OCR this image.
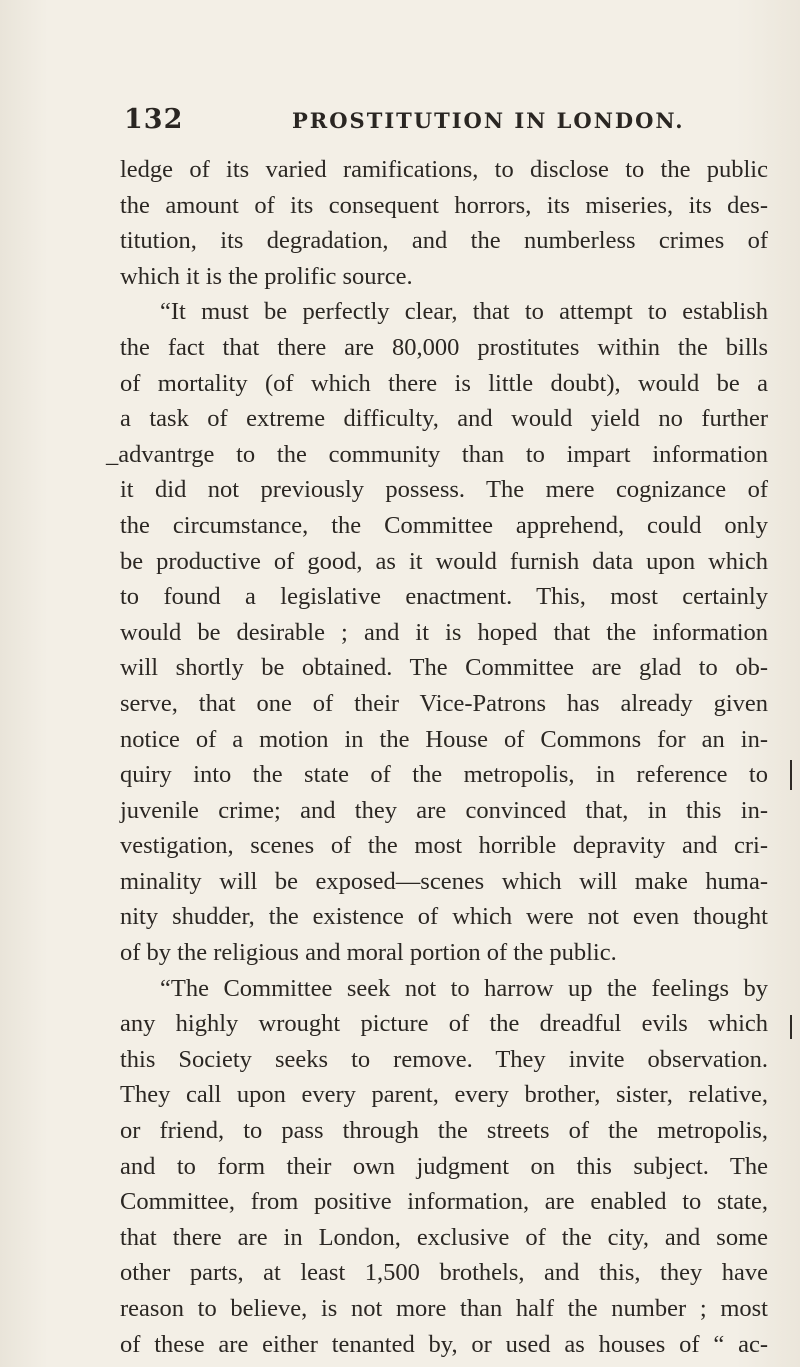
132	PROSTITUTION IN LONDON.
ledge of its varied ramifications, to disclose to the public
the amount of its consequent horrors, its miseries, its des-
titution, its degradation, and the numberless crimes of
which it is the prolific source.
“It must be perfectly clear, that to attempt to establish
the fact that there are 80,000 prostitutes within the bills
of mortality (of which there is little doubt), would be a
a task of extreme difficulty, and would yield no further
_advantrge to the community than to impart information
it did not previously possess. The mere cognizance of
the circumstance, the Committee apprehend, could only
be productive of good, as it would furnish data upon which
to found a legislative enactment. This, most certainly
would be desirable ; and it is hoped that the information
will shortly be obtained. The Committee are glad to ob-
serve, that one of their Vice-Patrons has already given
notice of a motion in the House of Commons for an in-
quiry into the state of the metropolis, in reference to
juvenile crime; and they are convinced that, in this in-
vestigation, scenes of the most horrible depravity and cri-
minality will be exposed—scenes which will make huma-
nity shudder, the existence of which were not even thought
of by the religious and moral portion of the public.
“The Committee seek not to harrow up the feelings by
any highly wrought picture of the dreadful evils which
this Society seeks to remove. They invite observation.
They call upon every parent, every brother, sister, relative,
or friend, to pass through the streets of the metropolis,
and to form their own judgment on this subject. The
Committee, from positive information, are enabled to state,
that there are in London, exclusive of the city, and some
other parts, at least 1,500 brothels, and this, they have
reason to believe, is not more than half the number ; most
of these are either tenanted by, or used as houses of “ ac-
